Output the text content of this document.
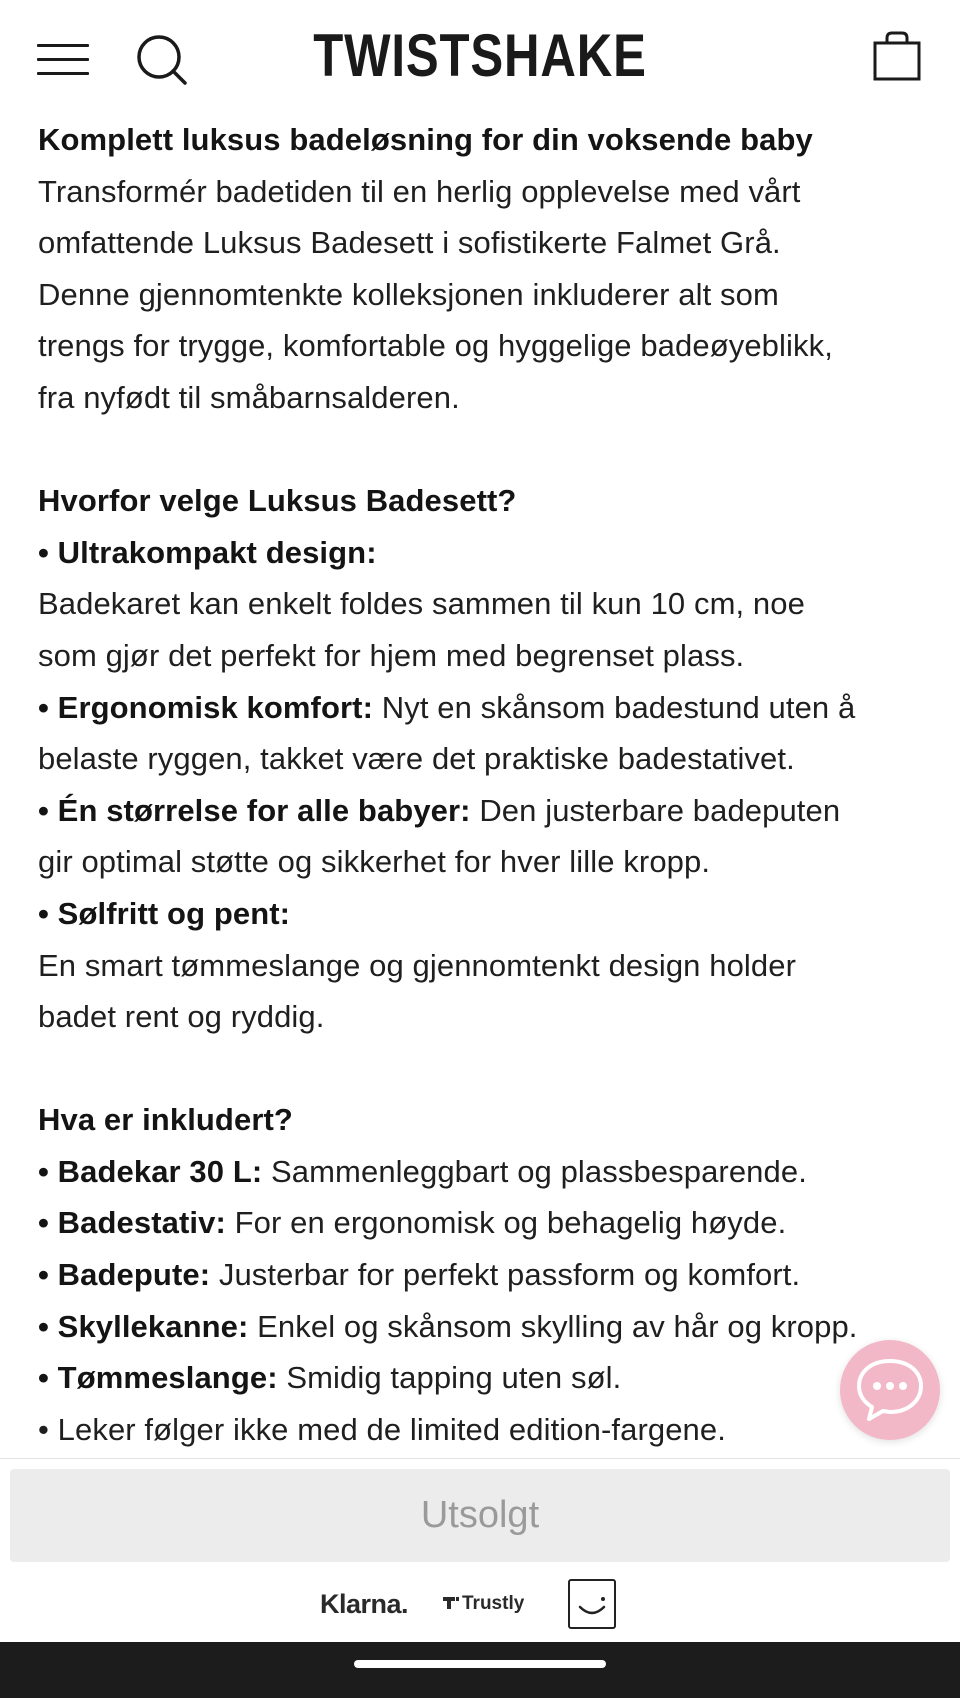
TWISTSHAKE

Komplett luksus badeløsning for din voksende baby

Transformér badetiden til en herlig opplevelse med vårt

omfattende Luksus Badesett i sofistikerte Falmet Grå.

Denne gjennomtenkte kolleksjonen inkluderer alt som

trengs for trygge, komfortable og hyggelige badeøyeblikk,

fra nyfødt til småbarnsalderen.

Hvorfor velge Luksus Badesett?

• Ultrakompakt design:

Badekaret kan enkelt foldes sammen til kun 10 cm, noe

som gjør det perfekt for hjem med begrenset plass.

• Ergonomisk komfort: Nyt en skånsom badestund uten å

belaste ryggen, takket være det praktiske badestativet.

• Én størrelse for alle babyer: Den justerbare badeputen

gir optimal støtte og sikkerhet for hver lille kropp.

• Sølfritt og pent:

En smart tømmeslange og gjennomtenkt design holder

badet rent og ryddig.

Hva er inkludert?

• Badekar 30 L: Sammenleggbart og plassbesparende.

• Badestativ: For en ergonomisk og behagelig høyde.

• Badepute: Justerbar for perfekt passform og komfort.

• Skyllekanne: Enkel og skånsom skylling av hår og kropp.

• Tømmeslange: Smidig tapping uten søl.

• Leker følger ikke med de limited edition-fargene.

Utsolgt
Klarna.	Trustly
